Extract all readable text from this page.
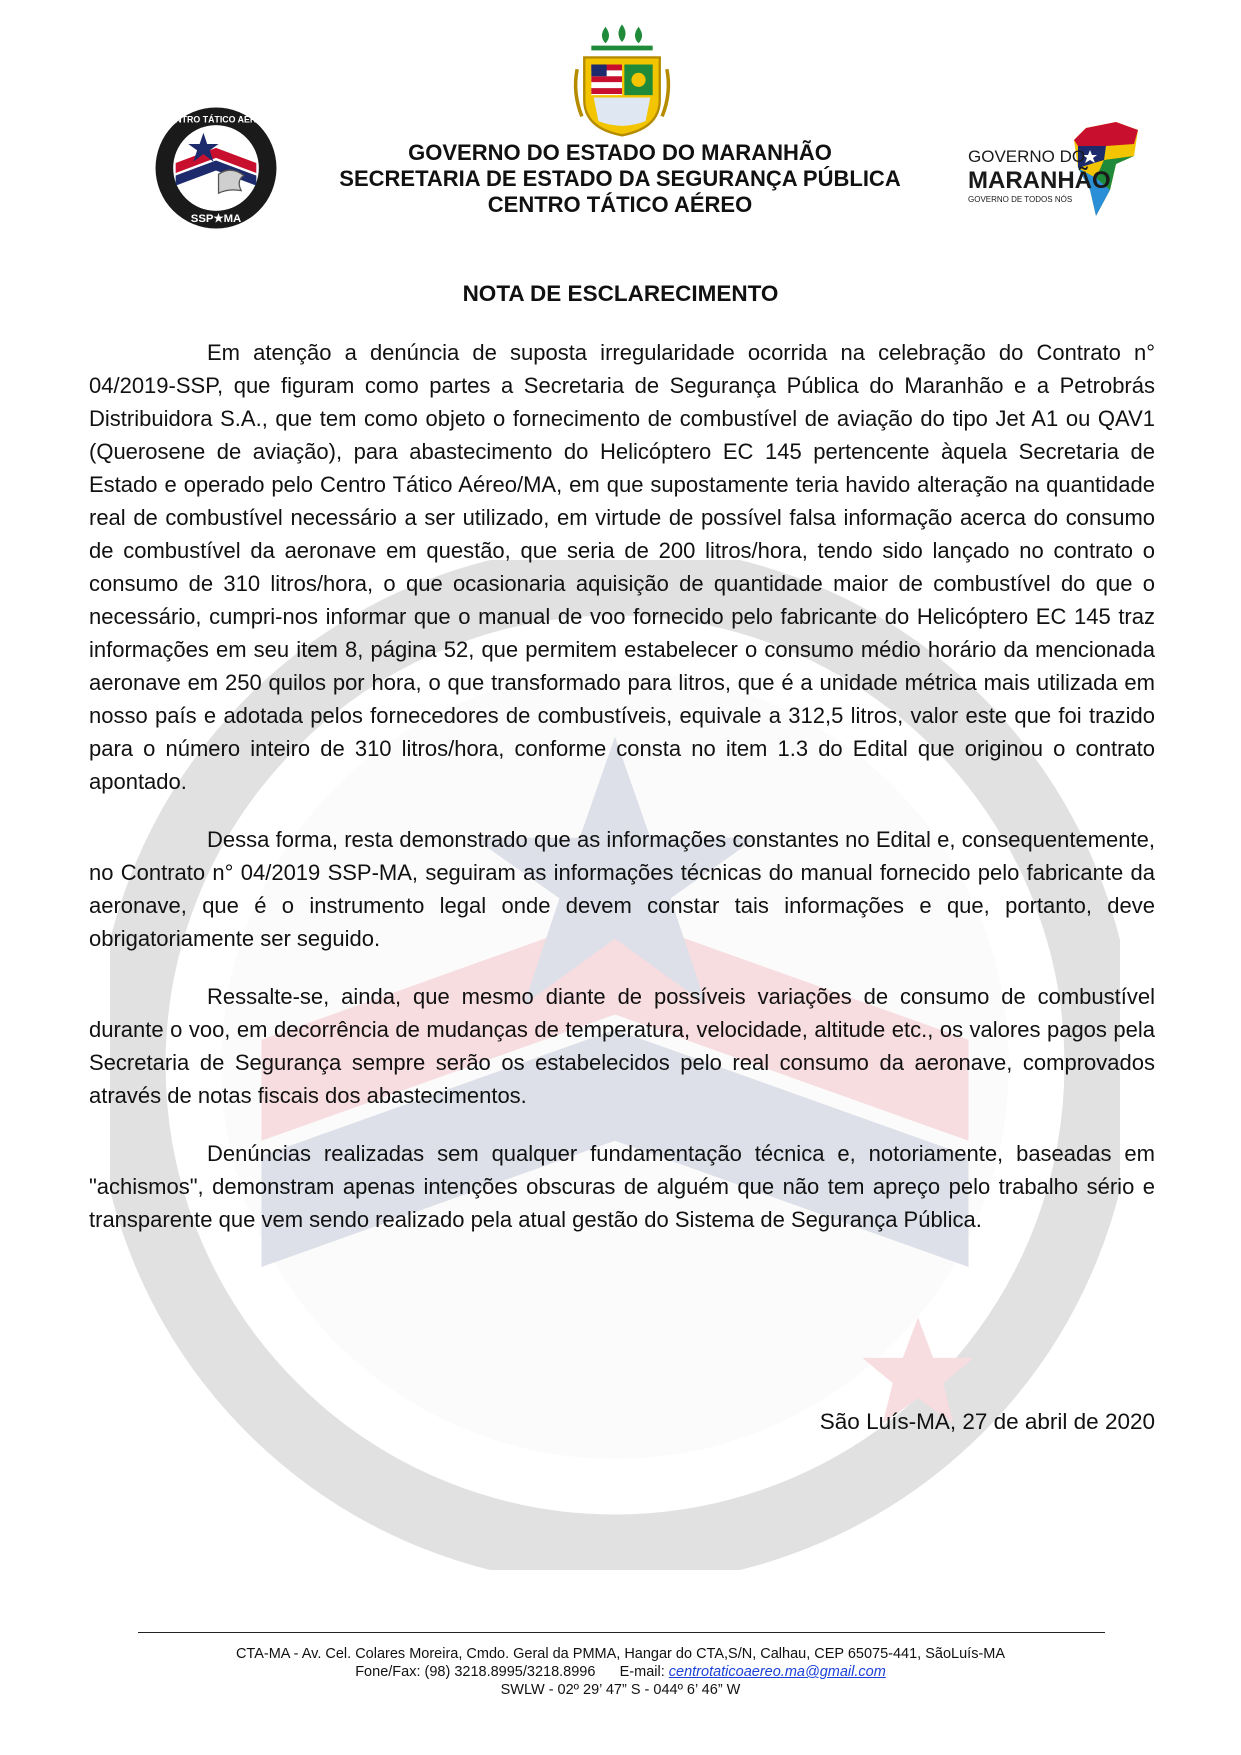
CENTRO TÁTICO AÉREO
SSP★MA
GOVERNO DO
MARANHÃO
GOVERNO DE TODOS NÓS
GOVERNO DO ESTADO DO MARANHÃO
SECRETARIA DE ESTADO DA SEGURANÇA PÚBLICA
CENTRO TÁTICO AÉREO
NOTA DE ESCLARECIMENTO

Em atenção a denúncia de suposta irregularidade ocorrida na celebração do Contrato n° 04/2019-SSP, que figuram como partes a Secretaria de Segurança Pública do Maranhão e a Petrobrás Distribuidora S.A., que tem como objeto o fornecimento de combustível de aviação do tipo Jet A1 ou QAV1 (Querosene de aviação), para abastecimento do Helicóptero EC 145 pertencente àquela Secretaria de Estado e operado pelo Centro Tático Aéreo/MA, em que supostamente teria havido alteração na quantidade real de combustível necessário a ser utilizado, em virtude de possível falsa informação acerca do consumo de combustível da aeronave em questão, que seria de 200 litros/hora, tendo sido lançado no contrato o consumo de 310 litros/hora, o que ocasionaria aquisição de quantidade maior de combustível do que o necessário, cumpri-nos informar que o manual de voo fornecido pelo fabricante do Helicóptero EC 145 traz informações em seu item 8, página 52, que permitem estabelecer o consumo médio horário da mencionada aeronave em 250 quilos por hora, o que transformado para litros, que é a unidade métrica mais utilizada em nosso país e adotada pelos fornecedores de combustíveis, equivale a 312,5 litros, valor este que foi trazido para o número inteiro de 310 litros/hora, conforme consta no item 1.3 do Edital que originou o contrato apontado.

Dessa forma, resta demonstrado que as informações constantes no Edital e, consequentemente, no Contrato n° 04/2019 SSP-MA, seguiram as informações técnicas do manual fornecido pelo fabricante da aeronave, que é o instrumento legal onde devem constar tais informações e que, portanto, deve obrigatoriamente ser seguido.

Ressalte-se, ainda, que mesmo diante de possíveis variações de consumo de combustível durante o voo, em decorrência de mudanças de temperatura, velocidade, altitude etc., os valores pagos pela Secretaria de Segurança sempre serão os estabelecidos pelo real consumo da aeronave, comprovados através de notas fiscais dos abastecimentos.

Denúncias realizadas sem qualquer fundamentação técnica e, notoriamente, baseadas em "achismos", demonstram apenas intenções obscuras de alguém que não tem apreço pelo trabalho sério e transparente que vem sendo realizado pela atual gestão do Sistema de Segurança Pública.

São Luís-MA, 27 de abril de 2020
CTA-MA - Av. Cel. Colares Moreira, Cmdo. Geral da PMMA, Hangar do CTA,S/N, Calhau, CEP 65075-441, SãoLuís-MA
Fone/Fax: (98) 3218.8995/3218.8996 E-mail: centrotaticoaereo.ma@gmail.com
SWLW - 02º 29’ 47” S - 044º 6’ 46” W
